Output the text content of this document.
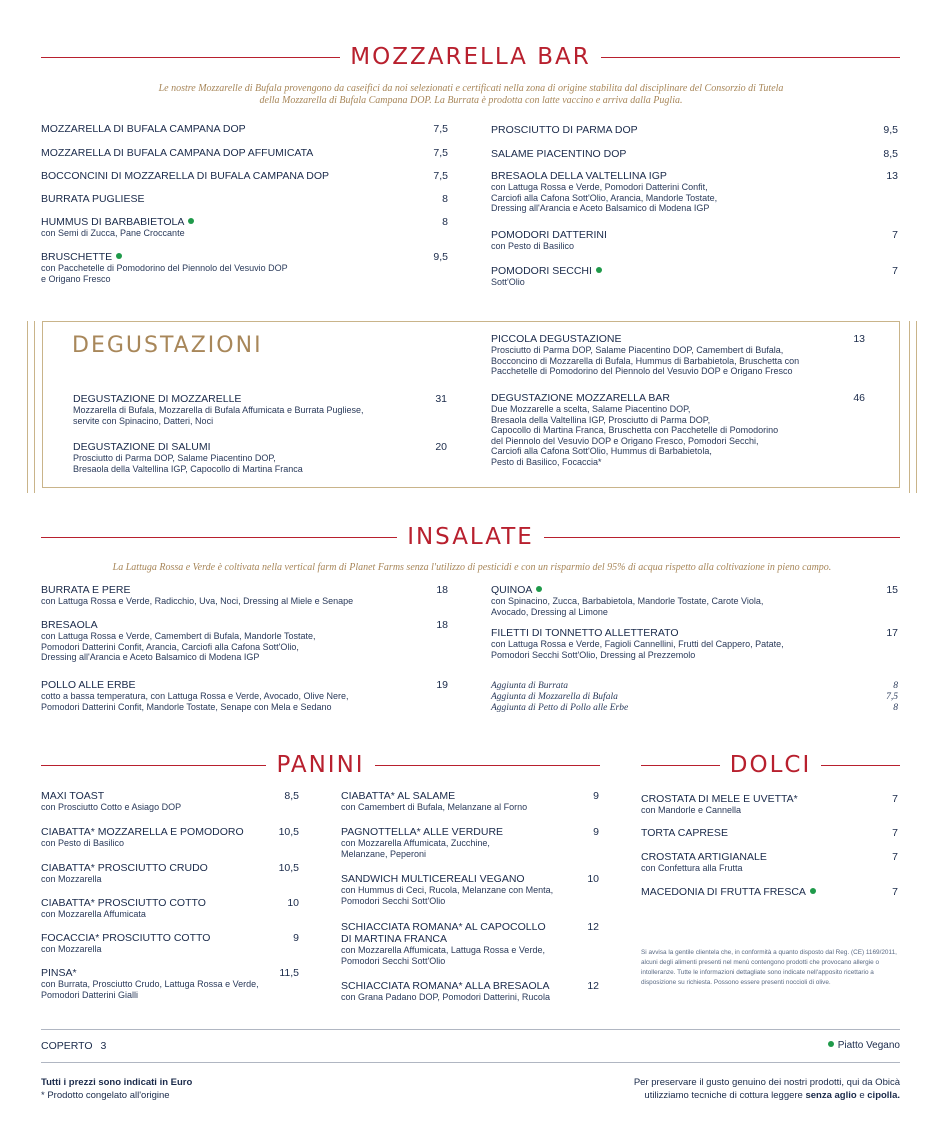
MOZZARELLA BAR
Le nostre Mozzarelle di Bufala provengono da caseifici da noi selezionati e certificati nella zona di origine stabilita dal disciplinare del Consorzio di Tutela
della Mozzarella di Bufala Campana DOP. La Burrata è prodotta con latte vaccino e arriva dalla Puglia.
MOZZARELLA DI BUFALA CAMPANA DOP	7,5
MOZZARELLA DI BUFALA CAMPANA DOP AFFUMICATA	7,5
BOCCONCINI DI MOZZARELLA DI BUFALA CAMPANA DOP	7,5
BURRATA PUGLIESE	8
HUMMUS DI BARBABIETOLA	8
con Semi di Zucca, Pane Croccante
BRUSCHETTE	9,5
con Pacchetelle di Pomodorino del Piennolo del Vesuvio DOP
e Origano Fresco
PROSCIUTTO DI PARMA DOP	9,5
SALAME PIACENTINO DOP	8,5
BRESAOLA DELLA VALTELLINA IGP	13
con Lattuga Rossa e Verde, Pomodori Datterini Confit,
Carciofi alla Cafona Sott'Olio, Arancia, Mandorle Tostate,
Dressing all'Arancia e Aceto Balsamico di Modena IGP
POMODORI DATTERINI	7
con Pesto di Basilico
POMODORI SECCHI	7
Sott'Olio
DEGUSTAZIONI
DEGUSTAZIONE DI MOZZARELLE	31
Mozzarella di Bufala, Mozzarella di Bufala Affumicata e Burrata Pugliese,
servite con Spinacino, Datteri, Noci
DEGUSTAZIONE DI SALUMI	20
Prosciutto di Parma DOP, Salame Piacentino DOP,
Bresaola della Valtellina IGP, Capocollo di Martina Franca
PICCOLA DEGUSTAZIONE	13
Prosciutto di Parma DOP, Salame Piacentino DOP, Camembert di Bufala,
Bocconcino di Mozzarella di Bufala, Hummus di Barbabietola, Bruschetta con
Pacchetelle di Pomodorino del Piennolo del Vesuvio DOP e Origano Fresco
DEGUSTAZIONE MOZZARELLA BAR	46
Due Mozzarelle a scelta, Salame Piacentino DOP,
Bresaola della Valtellina IGP, Prosciutto di Parma DOP,
Capocollo di Martina Franca, Bruschetta con Pacchetelle di Pomodorino
del Piennolo del Vesuvio DOP e Origano Fresco, Pomodori Secchi,
Carciofi alla Cafona Sott'Olio, Hummus di Barbabietola,
Pesto di Basilico, Focaccia*
INSALATE
La Lattuga Rossa e Verde è coltivata nella vertical farm di Planet Farms senza l'utilizzo di pesticidi e con un risparmio del 95% di acqua rispetto alla coltivazione in pieno campo.
BURRATA E PERE	18
con Lattuga Rossa e Verde, Radicchio, Uva, Noci, Dressing al Miele e Senape
BRESAOLA	18
con Lattuga Rossa e Verde, Camembert di Bufala, Mandorle Tostate,
Pomodori Datterini Confit, Arancia, Carciofi alla Cafona Sott'Olio,
Dressing all'Arancia e Aceto Balsamico di Modena IGP
POLLO ALLE ERBE	19
cotto a bassa temperatura, con Lattuga Rossa e Verde, Avocado, Olive Nere,
Pomodori Datterini Confit, Mandorle Tostate, Senape con Mela e Sedano
QUINOA	15
con Spinacino, Zucca, Barbabietola, Mandorle Tostate, Carote Viola,
Avocado, Dressing al Limone
FILETTI DI TONNETTO ALLETTERATO	17
con Lattuga Rossa e Verde, Fagioli Cannellini, Frutti del Cappero, Patate,
Pomodori Secchi Sott'Olio, Dressing al Prezzemolo
Aggiunta di Burrata	8
Aggiunta di Mozzarella di Bufala	7,5
Aggiunta di Petto di Pollo alle Erbe	8
PANINI
MAXI TOAST	8,5
con Prosciutto Cotto e Asiago DOP
CIABATTA* MOZZARELLA E POMODORO	10,5
con Pesto di Basilico
CIABATTA* PROSCIUTTO CRUDO	10,5
con Mozzarella
CIABATTA* PROSCIUTTO COTTO	10
con Mozzarella Affumicata
FOCACCIA* PROSCIUTTO COTTO	9
con Mozzarella
PINSA*	11,5
con Burrata, Prosciutto Crudo, Lattuga Rossa e Verde,
Pomodori Datterini Gialli
CIABATTA* AL SALAME	9
con Camembert di Bufala, Melanzane al Forno
PAGNOTTELLA* ALLE VERDURE	9
con Mozzarella Affumicata, Zucchine,
Melanzane, Peperoni
SANDWICH MULTICEREALI VEGANO	10
con Hummus di Ceci, Rucola, Melanzane con Menta,
Pomodori Secchi Sott'Olio
SCHIACCIATA ROMANA* AL CAPOCOLLO	12
DI MARTINA FRANCA
con Mozzarella Affumicata, Lattuga Rossa e Verde,
Pomodori Secchi Sott'Olio
SCHIACCIATA ROMANA* ALLA BRESAOLA	12
con Grana Padano DOP, Pomodori Datterini, Rucola
DOLCI
CROSTATA DI MELE E UVETTA*	7
con Mandorle e Cannella
TORTA CAPRESE	7
CROSTATA ARTIGIANALE	7
con Confettura alla Frutta
MACEDONIA DI FRUTTA FRESCA	7
Si avvisa la gentile clientela che, in conformità a quanto disposto dal Reg. (CE) 1169/2011, alcuni degli alimenti presenti nel menù contengono prodotti che provocano allergie o intolleranze. Tutte le informazioni dettagliate sono indicate nell'apposito ricettario a disposizione su richiesta. Possono essere presenti noccioli di olive.
COPERTO 3	Piatto Vegano
Tutti i prezzi sono indicati in Euro
* Prodotto congelato all'origine
Per preservare il gusto genuino dei nostri prodotti, qui da Obicà
utilizziamo tecniche di cottura leggere senza aglio e cipolla.
